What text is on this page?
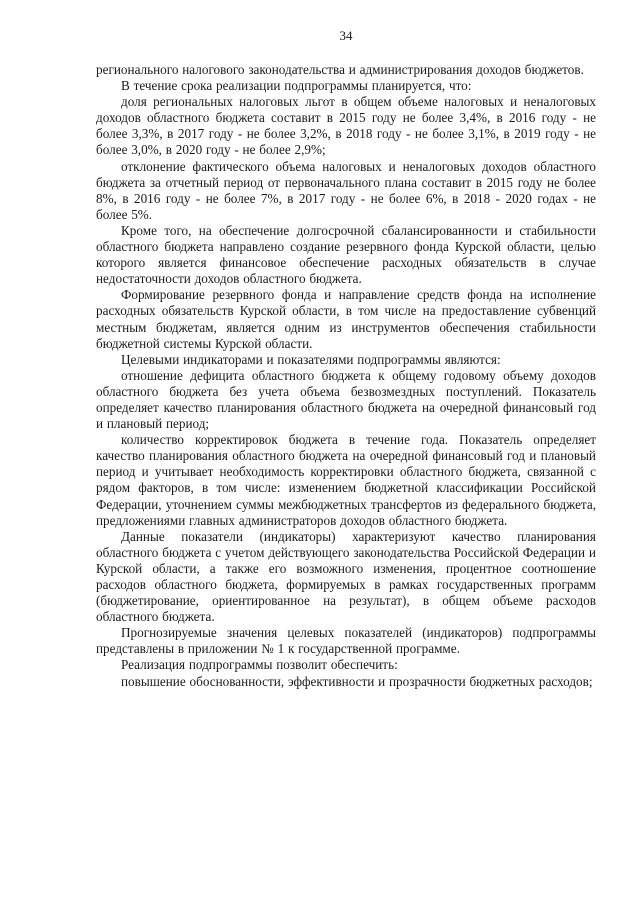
34

регионального налогового законодательства и администрирования доходов бюджетов.

В течение срока реализации подпрограммы планируется, что:

доля региональных налоговых льгот в общем объеме налоговых и неналоговых доходов областного бюджета составит в 2015 году не более 3,4%, в 2016 году - не более 3,3%, в 2017 году - не более 3,2%, в 2018 году - не более 3,1%, в 2019 году - не более 3,0%, в 2020 году - не более 2,9%;

отклонение фактического объема налоговых и неналоговых доходов областного бюджета за отчетный период от первоначального плана составит в 2015 году не более 8%, в 2016 году - не более 7%, в 2017 году - не более 6%, в 2018 - 2020 годах - не более 5%.

Кроме того, на обеспечение долгосрочной сбалансированности и стабильности областного бюджета направлено создание резервного фонда Курской области, целью которого является финансовое обеспечение расходных обязательств в случае недостаточности доходов областного бюджета.

Формирование резервного фонда и направление средств фонда на исполнение расходных обязательств Курской области, в том числе на предоставление субвенций местным бюджетам, является одним из инструментов обеспечения стабильности бюджетной системы Курской области.

Целевыми индикаторами и показателями подпрограммы являются:

отношение дефицита областного бюджета к общему годовому объему доходов областного бюджета без учета объема безвозмездных поступлений. Показатель определяет качество планирования областного бюджета на очередной финансовый год и плановый период;

количество корректировок бюджета в течение года. Показатель определяет качество планирования областного бюджета на очередной финансовый год и плановый период и учитывает необходимость корректировки областного бюджета, связанной с рядом факторов, в том числе: изменением бюджетной классификации Российской Федерации, уточнением суммы межбюджетных трансфертов из федерального бюджета, предложениями главных администраторов доходов областного бюджета.

Данные показатели (индикаторы) характеризуют качество планирования областного бюджета с учетом действующего законодательства Российской Федерации и Курской области, а также его возможного изменения, процентное соотношение расходов областного бюджета, формируемых в рамках государственных программ (бюджетирование, ориентированное на результат), в общем объеме расходов областного бюджета.

Прогнозируемые значения целевых показателей (индикаторов) подпрограммы представлены в приложении № 1 к государственной программе.

Реализация подпрограммы позволит обеспечить:

повышение обоснованности, эффективности и прозрачности бюджетных расходов;
